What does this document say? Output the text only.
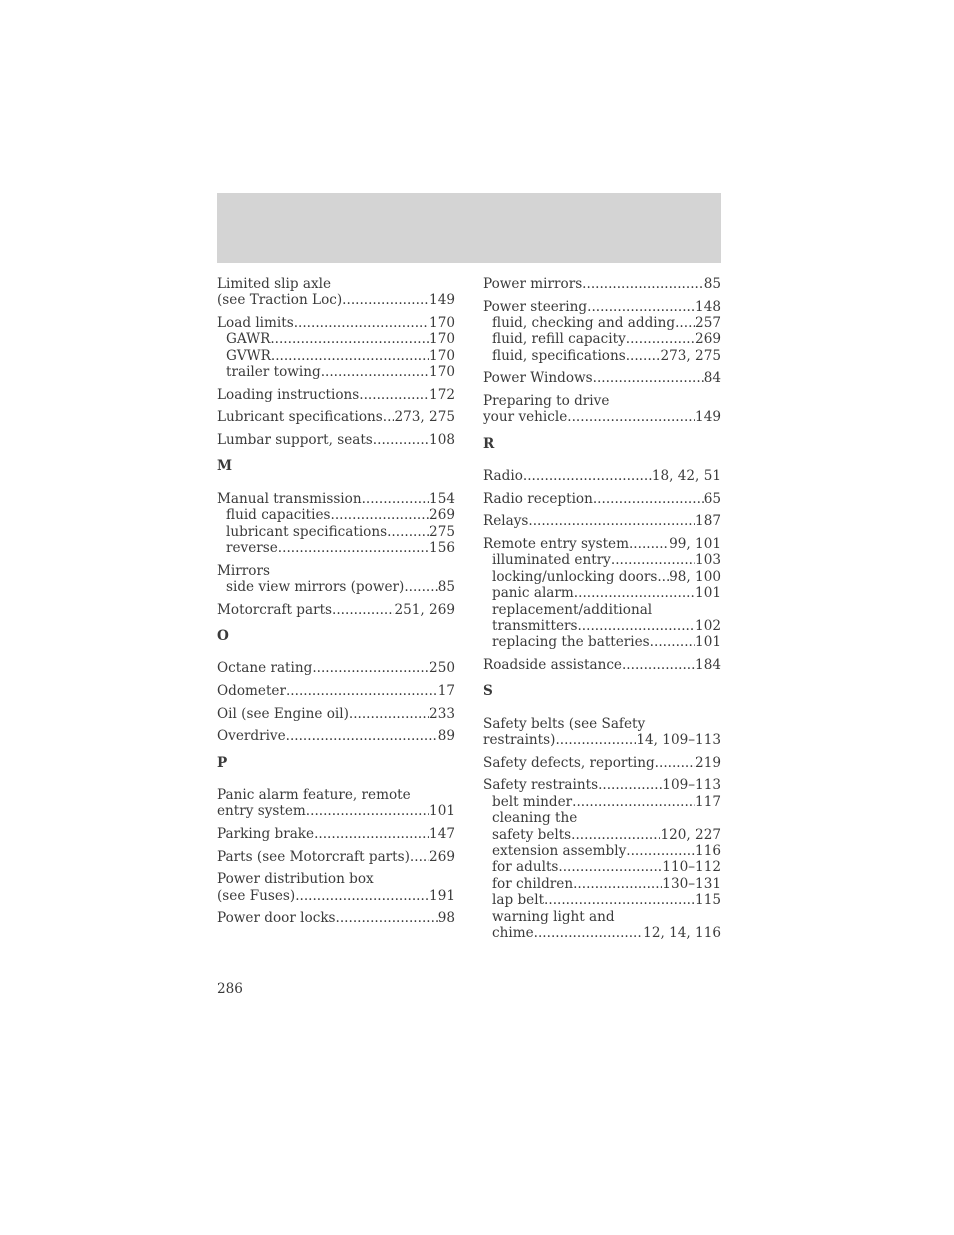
Limited slip axle
(see Traction Loc) .....	149
Load limits .....	170
GAWR .....	170
GVWR .....	170
trailer towing .....	170
Loading instructions .....	172
Lubricant specifications ..... 273, 275
Lumbar support, seats .....	108
M
Manual transmission .....	154
fluid capacities .....	269
lubricant specifications .....	275
reverse .....	156
Mirrors
side view mirrors (power) ..... 85
Motorcraft parts .....	251, 269
O
Octane rating .....	250
Odometer .....	17
Oil (see Engine oil) .....	233
Overdrive .....	89
P
Panic alarm feature, remote
entry system .....	101
Parking brake .....	147
Parts (see Motorcraft parts) ..... 269
Power distribution box
(see Fuses) .....	191
Power door locks .....	98
Power mirrors .....	85
Power steering .....	148
fluid, checking and adding ..... 257
fluid, refill capacity .....	269
fluid, specifications .....	273, 275
Power Windows .....	84
Preparing to drive
your vehicle .....	149
R
Radio .....	18, 42, 51
Radio reception .....	65
Relays .....	187
Remote entry system .....	99, 101
illuminated entry .....	103
locking/unlocking doors ..... 98, 100
panic alarm .....	101
replacement/additional
transmitters .....	102
replacing the batteries .....	101
Roadside assistance .....	184
S
Safety belts (see Safety
restraints) .....	14, 109–113
Safety defects, reporting .....	219
Safety restraints .....	109–113
belt minder .....	117
cleaning the
safety belts .....	120, 227
extension assembly .....	116
for adults .....	110–112
for children .....	130–131
lap belt .....	115
warning light and
chime .....	12, 14, 116
286
